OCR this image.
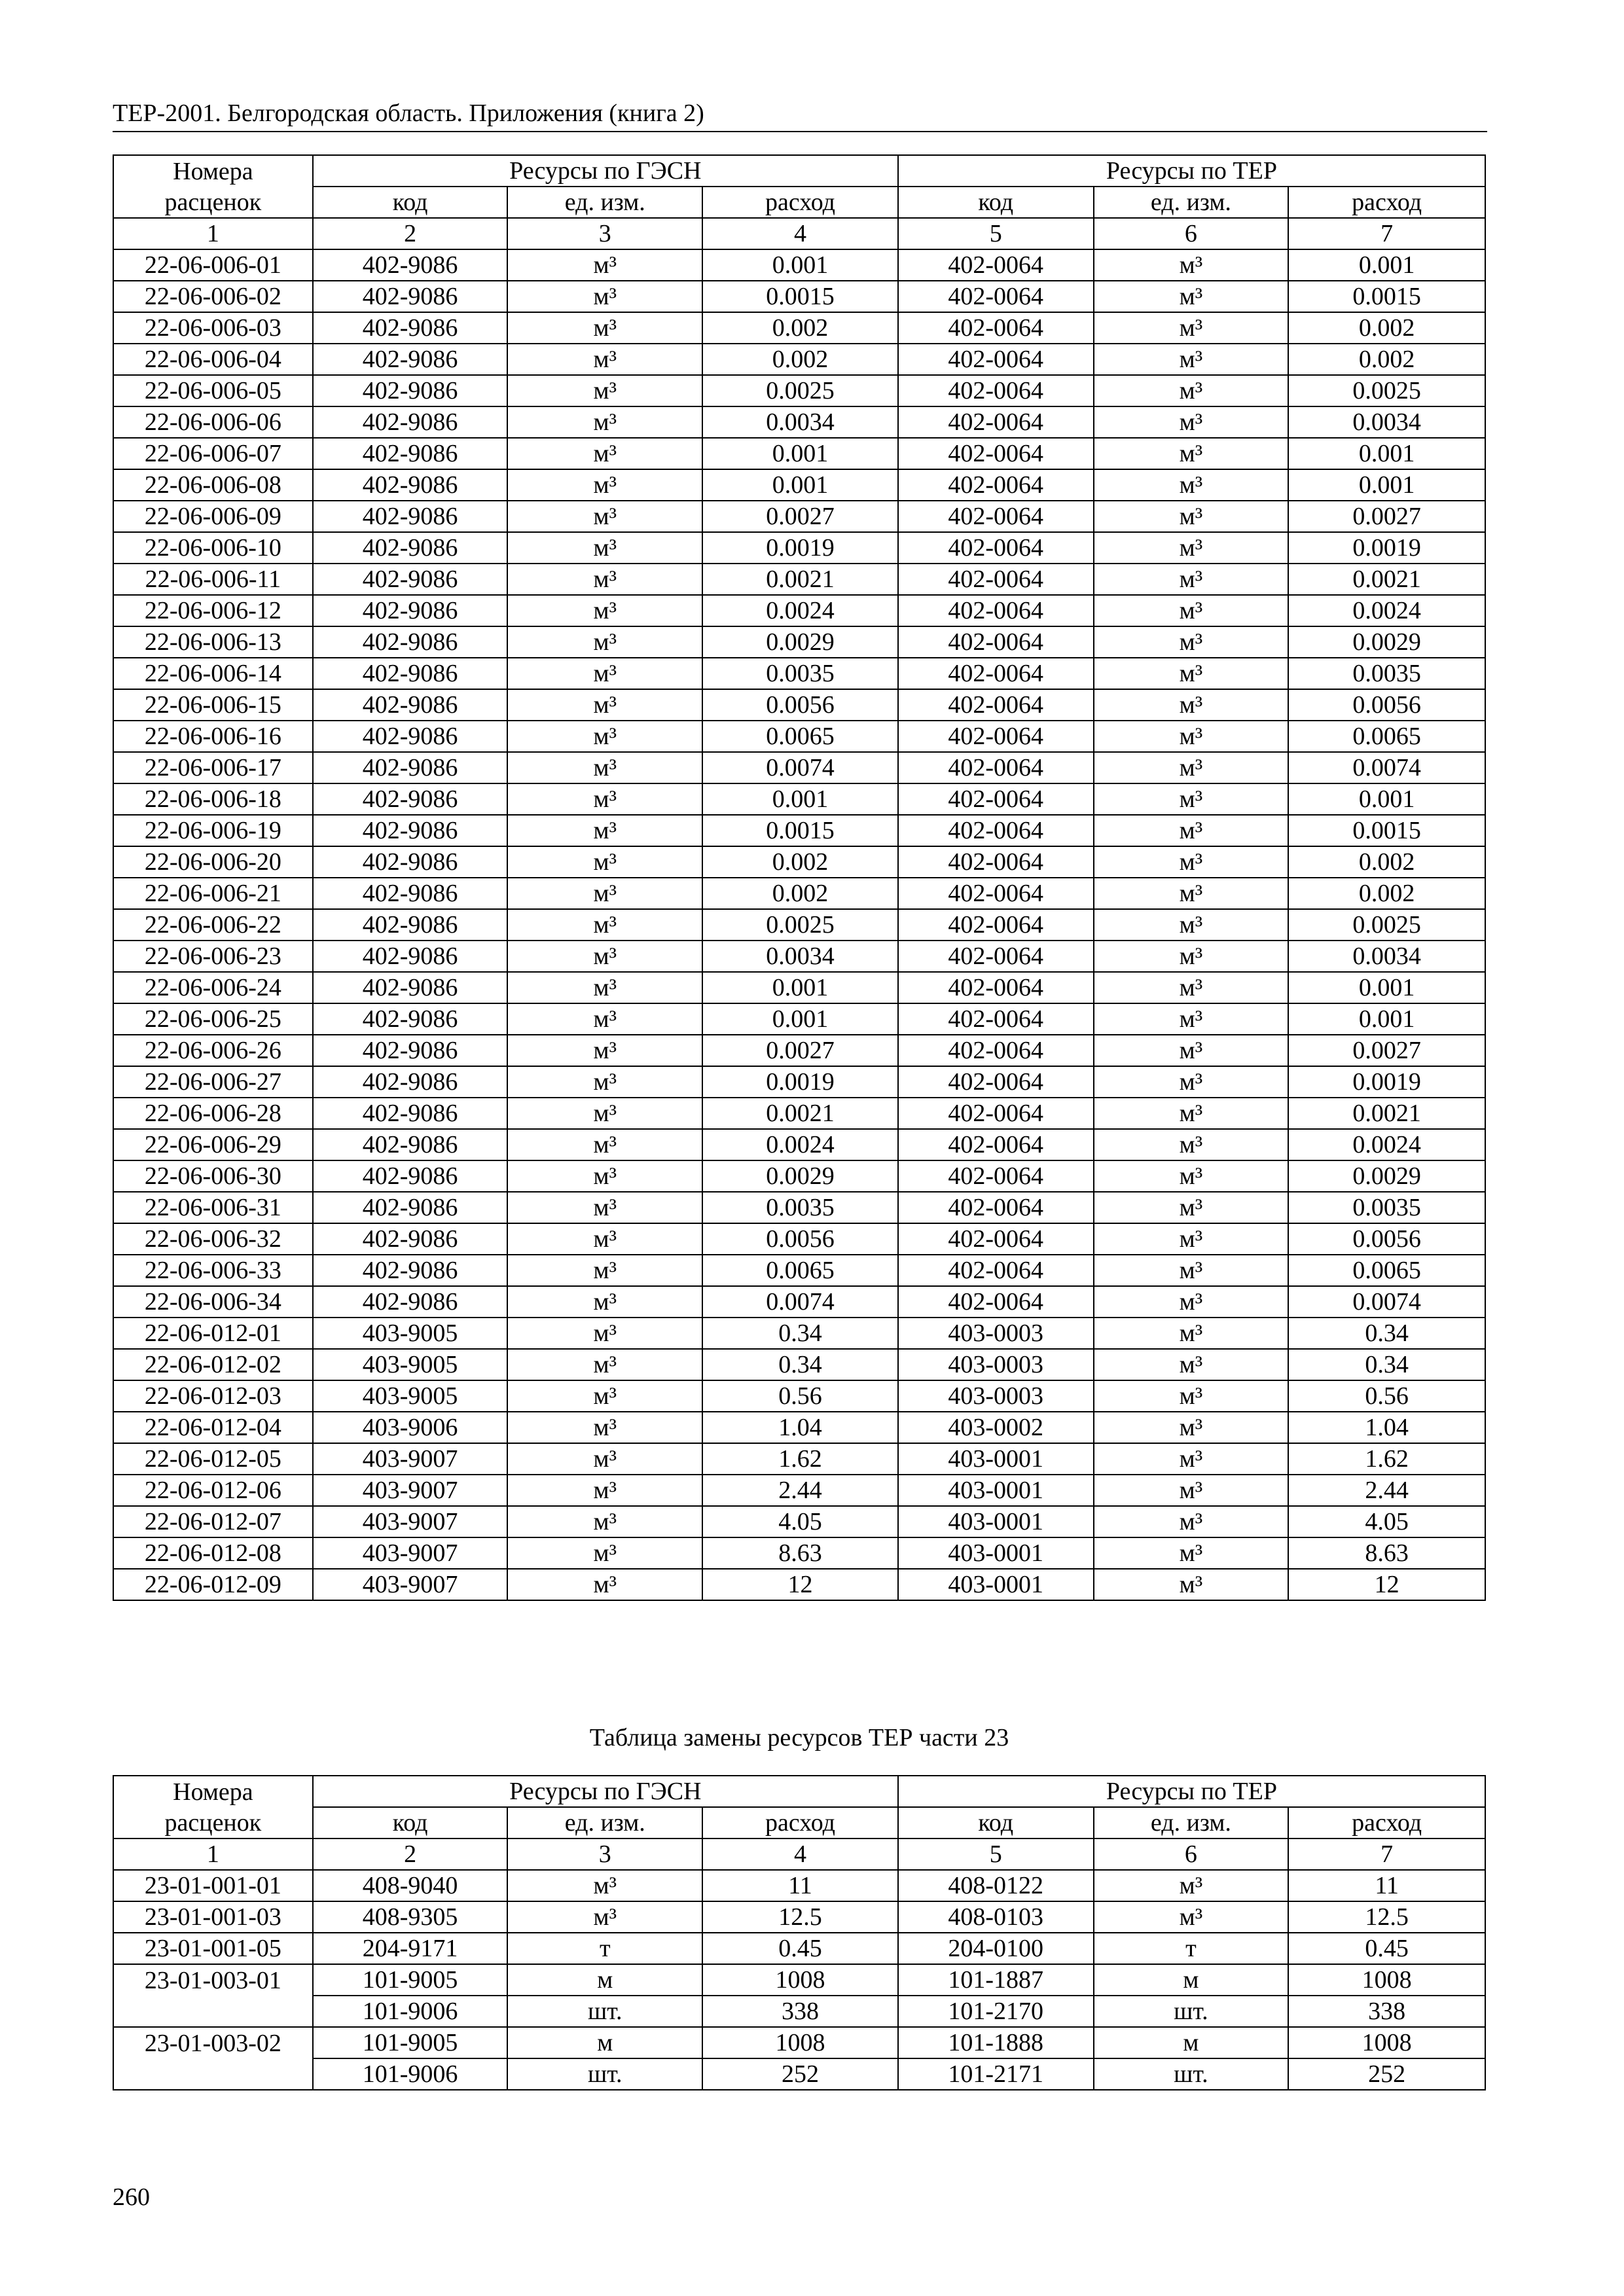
ТЕР-2001. Белгородская область. Приложения (книга 2)
Номера	Ресурсы по ГЭСН			Ресурсы по ТЕР		
расценок	код	ед. изм.	расход	код	ед. изм.	расход
1	2	3	4	5	6	7
22-06-006-01	402-9086	м³	0.001	402-0064	м³	0.001
22-06-006-02	402-9086	м³	0.0015	402-0064	м³	0.0015
22-06-006-03	402-9086	м³	0.002	402-0064	м³	0.002
22-06-006-04	402-9086	м³	0.002	402-0064	м³	0.002
22-06-006-05	402-9086	м³	0.0025	402-0064	м³	0.0025
22-06-006-06	402-9086	м³	0.0034	402-0064	м³	0.0034
22-06-006-07	402-9086	м³	0.001	402-0064	м³	0.001
22-06-006-08	402-9086	м³	0.001	402-0064	м³	0.001
22-06-006-09	402-9086	м³	0.0027	402-0064	м³	0.0027
22-06-006-10	402-9086	м³	0.0019	402-0064	м³	0.0019
22-06-006-11	402-9086	м³	0.0021	402-0064	м³	0.0021
22-06-006-12	402-9086	м³	0.0024	402-0064	м³	0.0024
22-06-006-13	402-9086	м³	0.0029	402-0064	м³	0.0029
22-06-006-14	402-9086	м³	0.0035	402-0064	м³	0.0035
22-06-006-15	402-9086	м³	0.0056	402-0064	м³	0.0056
22-06-006-16	402-9086	м³	0.0065	402-0064	м³	0.0065
22-06-006-17	402-9086	м³	0.0074	402-0064	м³	0.0074
22-06-006-18	402-9086	м³	0.001	402-0064	м³	0.001
22-06-006-19	402-9086	м³	0.0015	402-0064	м³	0.0015
22-06-006-20	402-9086	м³	0.002	402-0064	м³	0.002
22-06-006-21	402-9086	м³	0.002	402-0064	м³	0.002
22-06-006-22	402-9086	м³	0.0025	402-0064	м³	0.0025
22-06-006-23	402-9086	м³	0.0034	402-0064	м³	0.0034
22-06-006-24	402-9086	м³	0.001	402-0064	м³	0.001
22-06-006-25	402-9086	м³	0.001	402-0064	м³	0.001
22-06-006-26	402-9086	м³	0.0027	402-0064	м³	0.0027
22-06-006-27	402-9086	м³	0.0019	402-0064	м³	0.0019
22-06-006-28	402-9086	м³	0.0021	402-0064	м³	0.0021
22-06-006-29	402-9086	м³	0.0024	402-0064	м³	0.0024
22-06-006-30	402-9086	м³	0.0029	402-0064	м³	0.0029
22-06-006-31	402-9086	м³	0.0035	402-0064	м³	0.0035
22-06-006-32	402-9086	м³	0.0056	402-0064	м³	0.0056
22-06-006-33	402-9086	м³	0.0065	402-0064	м³	0.0065
22-06-006-34	402-9086	м³	0.0074	402-0064	м³	0.0074
22-06-012-01	403-9005	м³	0.34	403-0003	м³	0.34
22-06-012-02	403-9005	м³	0.34	403-0003	м³	0.34
22-06-012-03	403-9005	м³	0.56	403-0003	м³	0.56
22-06-012-04	403-9006	м³	1.04	403-0002	м³	1.04
22-06-012-05	403-9007	м³	1.62	403-0001	м³	1.62
22-06-012-06	403-9007	м³	2.44	403-0001	м³	2.44
22-06-012-07	403-9007	м³	4.05	403-0001	м³	4.05
22-06-012-08	403-9007	м³	8.63	403-0001	м³	8.63
22-06-012-09	403-9007	м³	12	403-0001	м³	12
Таблица замены ресурсов ТЕР части 23
Номера	Ресурсы по ГЭСН			Ресурсы по ТЕР		
расценок	код	ед. изм.	расход	код	ед. изм.	расход
1	2	3	4	5	6	7
23-01-001-01	408-9040	м³	11	408-0122	м³	11
23-01-001-03	408-9305	м³	12.5	408-0103	м³	12.5
23-01-001-05	204-9171	т	0.45	204-0100	т	0.45
23-01-003-01	101-9005	м	1008	101-1887	м	1008
	101-9006	шт.	338	101-2170	шт.	338
23-01-003-02	101-9005	м	1008	101-1888	м	1008
	101-9006	шт.	252	101-2171	шт.	252
260
